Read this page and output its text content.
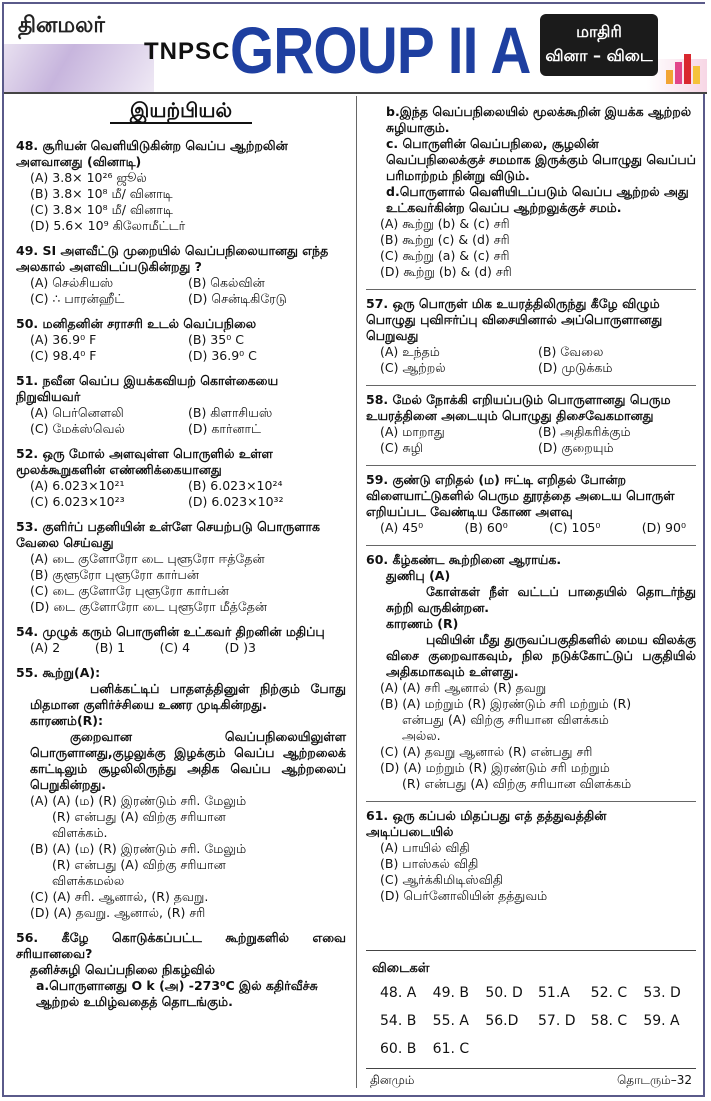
தினமலர்
TNPSC GROUP II A	மாதிரி
வினா – விடை
இயற்பியல்
48. சூரியன் வெளியிடுகின்ற வெப்ப ஆற்றலின் அளவானது (வினாடி)
(A) 3.8× 10²⁶ ஜூல்
(B) 3.8× 10⁸ மீ/ வினாடி
(C) 3.8× 10⁸ மீ/ வினாடி
(D) 5.6× 10⁹ கிலோமீட்டர்
49. SI அளவீட்டு முறையில் வெப்பநிலையானது எந்த அலகால் அளவிடப்படுகின்றது ?
(A) செல்சியஸ்	(B) கெல்வின்
(C) ∴ பாரன்ஹீட்	(D) சென்டிகிரேடு
50. மனிதனின் சராசரி உடல் வெப்பநிலை
(A) 36.9⁰ F	(B) 35⁰ C
(C) 98.4⁰ F	(D) 36.9⁰ C
51. நவீன வெப்ப இயக்கவியற் கொள்கையை நிறுவியவர்
(A) பெர்னௌலி	(B) கிளாசியஸ்
(C) மேக்ஸ்வெல்	(D) கார்னாட்
52. ஒரு மோல் அளவுள்ள பொருளில் உள்ள மூலக்கூறுகளின் எண்ணிக்கையானது
(A) 6.023×10²¹	(B) 6.023×10²⁴
(C) 6.023×10²³	(D) 6.023×10³²
53. குளிர்ப் பதனியின் உள்ளே செயற்படு பொருளாக வேலை செய்வது
(A) டை குளோரோ டை புளூரோ ஈத்தேன்
(B) குளூரோ புளூரோ கார்பன்
(C) டை குளோரே புளூரோ கார்பன்
(D) டை குளோரோ டை புளூரோ மீத்தேன்
54. முழுக் கரும் பொருளின் உட்கவர் திறனின் மதிப்பு
(A) 2	(B) 1	(C) 4	(D )3
55. கூற்று(A):
பனிக்கட்டிப் பாதளத்தினுள் நிற்கும் போது மிதமான குளிர்ச்சியை உணர முடிகின்றது.
காரணம்(R):
குறைவான வெப்பநிலையிலுள்ள பொருளானது,குழலுக்கு இழக்கும் வெப்ப ஆற்றலைக் காட்டிலும் சூழலிலிருந்து அதிக வெப்ப ஆற்றலைப் பெறுகின்றது.
(A) (A) (ம) (R) இரண்டும் சரி. மேலும்
(R) என்பது (A) விற்கு சரியான
விளக்கம்.
(B) (A) (ம) (R) இரண்டும் சரி. மேலும்
(R) என்பது (A) விற்கு சரியான
விளக்கமல்ல
(C) (A) சரி. ஆனால், (R) தவறு.
(D) (A) தவறு. ஆனால், (R) சரி
56. கீழே கொடுக்கப்பட்ட கூற்றுகளில் எவை சரியானவை?
தனிச்சுழி வெப்பநிலை நிகழ்வில்
a.பொருளானது O k (அ) -273⁰C இல் கதிர்வீச்சு ஆற்றல் உமிழ்வதைத் தொடங்கும்.
b.இந்த வெப்பநிலையில் மூலக்கூறின் இயக்க ஆற்றல் சுழியாகும்.
c. பொருளின் வெப்பநிலை, சூழலின் வெப்பநிலைக்குச் சமமாக இருக்கும் பொழுது வெப்பப் பரிமாற்றம் நின்று விடும்.
d.பொருளால் வெளியிடப்படும் வெப்ப ஆற்றல் அது உட்கவர்கின்ற வெப்ப ஆற்றலுக்குச் சமம்.
(A) கூற்று (b) & (c) சரி
(B) கூற்று (c) & (d) சரி
(C) கூற்று (a) & (c) சரி
(D) கூற்று (b) & (d) சரி
57. ஒரு பொருள் மிக உயரத்திலிருந்து கீழே விழும் பொழுது புவிஈர்ப்பு விசையினால் அப்பொருளானது பெறுவது
(A) உந்தம்	(B) வேலை
(C) ஆற்றல்	(D) முடுக்கம்
58. மேல் நோக்கி எறியப்படும் பொருளானது பெரும உயரத்தினை அடையும் பொழுது திசைவேகமானது
(A) மாறாது	(B) அதிகரிக்கும்
(C) சுழி	(D) குறையும்
59. குண்டு எறிதல் (ம) ஈட்டி எறிதல் போன்ற விளையாட்டுகளில் பெரும தூரத்தை அடைய பொருள் எறியப்பட வேண்டிய கோண அளவு
(A) 45⁰	(B) 60⁰	(C) 105⁰	(D) 90⁰
60. கீழ்கண்ட கூற்றினை ஆராய்க.
துணிபு (A)
கோள்கள் நீள் வட்டப் பாதையில் தொடர்ந்து சுற்றி வருகின்றன.
காரணம் (R)
புவியின் மீது துருவப்பகுதிகளில் மைய விலக்கு விசை குறைவாகவும், நில நடுக்கோட்டுப் பகுதியில் அதிகமாகவும் உள்ளது.
(A) (A) சரி ஆனால் (R) தவறு
(B) (A) மற்றும் (R) இரண்டும் சரி மற்றும் (R)
என்பது (A) விற்கு சரியான விளக்கம்
அல்ல.
(C) (A) தவறு ஆனால் (R) என்பது சரி
(D) (A) மற்றும் (R) இரண்டும் சரி மற்றும்
(R) என்பது (A) விற்கு சரியான விளக்கம்
61. ஒரு கப்பல் மிதப்பது எத் தத்துவத்தின் அடிப்படையில்
(A) பாயில் விதி
(B) பாஸ்கல் விதி
(C) ஆர்க்கிமிடிஸ்விதி
(D) பெர்னோலியின் தத்துவம்
விடைகள்
48. A	49. B	50. D	51.A	52. C	53. D
54. B	55. A	56.D	57. D	58. C	59. A
60. B	61. C
தினமும்	தொடரும்–32
